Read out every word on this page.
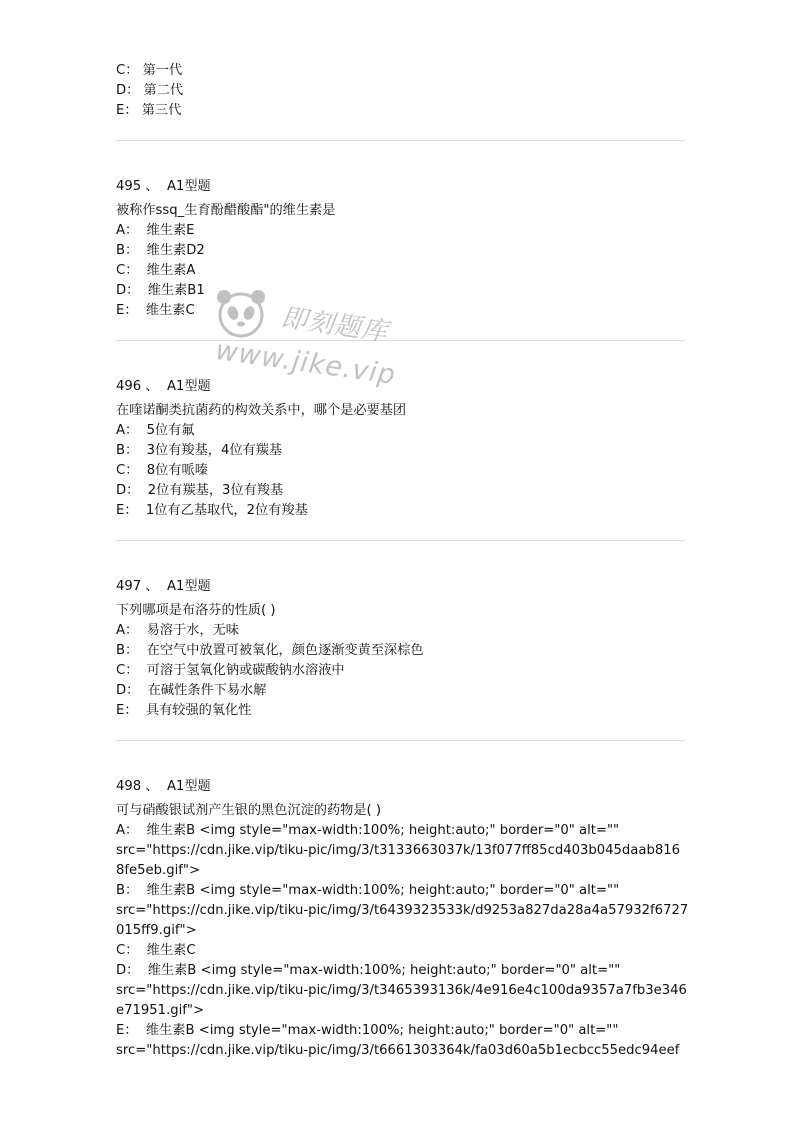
C： 第一代
D： 第二代
E： 第三代
495 、 A1型题
被称作ssq_生育酚醋酸酯"的维生素是
A： 维生素E
B： 维生素D2
C： 维生素A
D： 维生素B1
E： 维生素C
496 、 A1型题
在喹诺酮类抗菌药的构效关系中，哪个是必要基团
A： 5位有氟
B： 3位有羧基，4位有羰基
C： 8位有哌嗪
D： 2位有羰基，3位有羧基
E： 1位有乙基取代，2位有羧基
497 、 A1型题
下列哪项是布洛芬的性质( )
A： 易溶于水，无味
B： 在空气中放置可被氧化，颜色逐渐变黄至深棕色
C： 可溶于氢氧化钠或碳酸钠水溶液中
D： 在碱性条件下易水解
E： 具有较强的氧化性
498 、 A1型题
可与硝酸银试剂产生银的黑色沉淀的药物是( )
A：  维生素B <img style="max-width:100%; height:auto;" border="0" alt=""
src="https://cdn.jike.vip/tiku-pic/img/3/t3133663037k/13f077ff85cd403b045daab816
8fe5eb.gif">
B：  维生素B <img style="max-width:100%; height:auto;" border="0" alt=""
src="https://cdn.jike.vip/tiku-pic/img/3/t6439323533k/d9253a827da28a4a57932f6727
015ff9.gif">
C：  维生素C
D：  维生素B <img style="max-width:100%; height:auto;" border="0" alt=""
src="https://cdn.jike.vip/tiku-pic/img/3/t3465393136k/4e916e4c100da9357a7fb3e346
e71951.gif">
E：  维生素B <img style="max-width:100%; height:auto;" border="0" alt=""
src="https://cdn.jike.vip/tiku-pic/img/3/t6661303364k/fa03d60a5b1ecbcc55edc94eef
即刻题库
www.jike.vip
